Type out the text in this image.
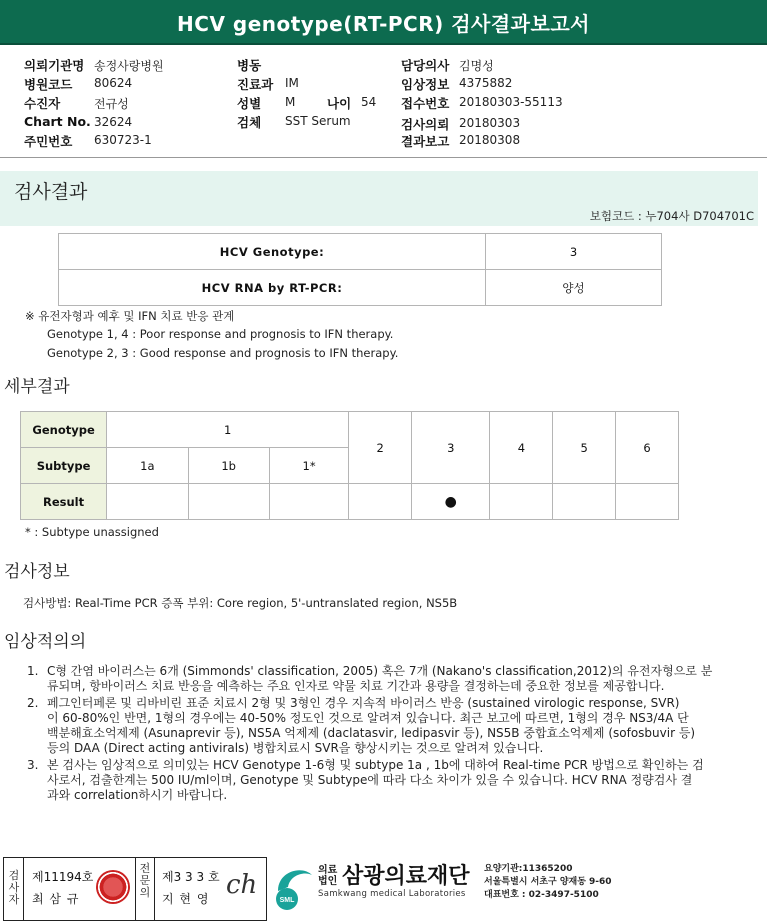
HCV genotype(RT-PCR) 검사결과보고서
의뢰기관명 송정사랑병원
병원코드 80624
수진자	전규성
Chart No. 32624
주민번호 630723-1
병동
진료과 IM
성별 M	나이 54
검체 SST Serum
담당의사 김명성
임상정보 4375882
접수번호 20180303-55113
검사의뢰 20180303
결과보고 20180308
검사결과
보험코드 : 누704사 D704701C
HCV Genotype:	3
HCV RNA by RT-PCR:	양성
※ 유전자형과 예후 및 IFN 치료 반응 관계
Genotype 1, 4 : Poor response and prognosis to IFN therapy.
Genotype 2, 3 : Good response and prognosis to IFN therapy.
세부결과
Genotype	1			2	3	4	5	6
Subtype	1a	1b	1*					
Result					●			
* : Subtype unassigned
검사정보
검사방법: Real-Time PCR 증폭 부위: Core region, 5'-untranslated region, NS5B
임상적의의
1. C형 간염 바이러스는 6개 (Simmonds' classification, 2005) 혹은 7개 (Nakano's classification,2012)의 유전자형으로 분
류되며, 항바이러스 치료 반응을 예측하는 주요 인자로 약물 치료 기간과 용량을 결정하는데 중요한 정보를 제공합니다.
2. 페그인터페론 및 리바비린 표준 치료시 2형 및 3형인 경우 지속적 바이러스 반응 (sustained virologic response, SVR)
이 60-80%인 반면, 1형의 경우에는 40-50% 정도인 것으로 알려져 있습니다. 최근 보고에 따르면, 1형의 경우 NS3/4A 단
백분해효소억제제 (Asunaprevir 등), NS5A 억제제 (daclatasvir, ledipasvir 등), NS5B 중합효소억제제 (sofosbuvir 등)
등의 DAA (Direct acting antivirals) 병합치료시 SVR을 향상시키는 것으로 알려져 있습니다.
3. 본 검사는 임상적으로 의미있는 HCV Genotype 1-6형 및 subtype 1a , 1b에 대하여 Real-time PCR 방법으로 확인하는 검
사로서, 검출한계는 500 IU/ml이며, Genotype 및 Subtype에 따라 다소 차이가 있을 수 있습니다. HCV RNA 정량검사 결
과와 correlation하시기 바랍니다.
검
사
자
제11194호
최 삼 규
전
문
의
제3 3 3 호
지 현 영 ch
SML
의료
법인 삼광의료재단
Samkwang medical Laboratories
요양기관:11365200
서울특별시 서초구 양재동 9-60
대표번호 : 02-3497-5100
